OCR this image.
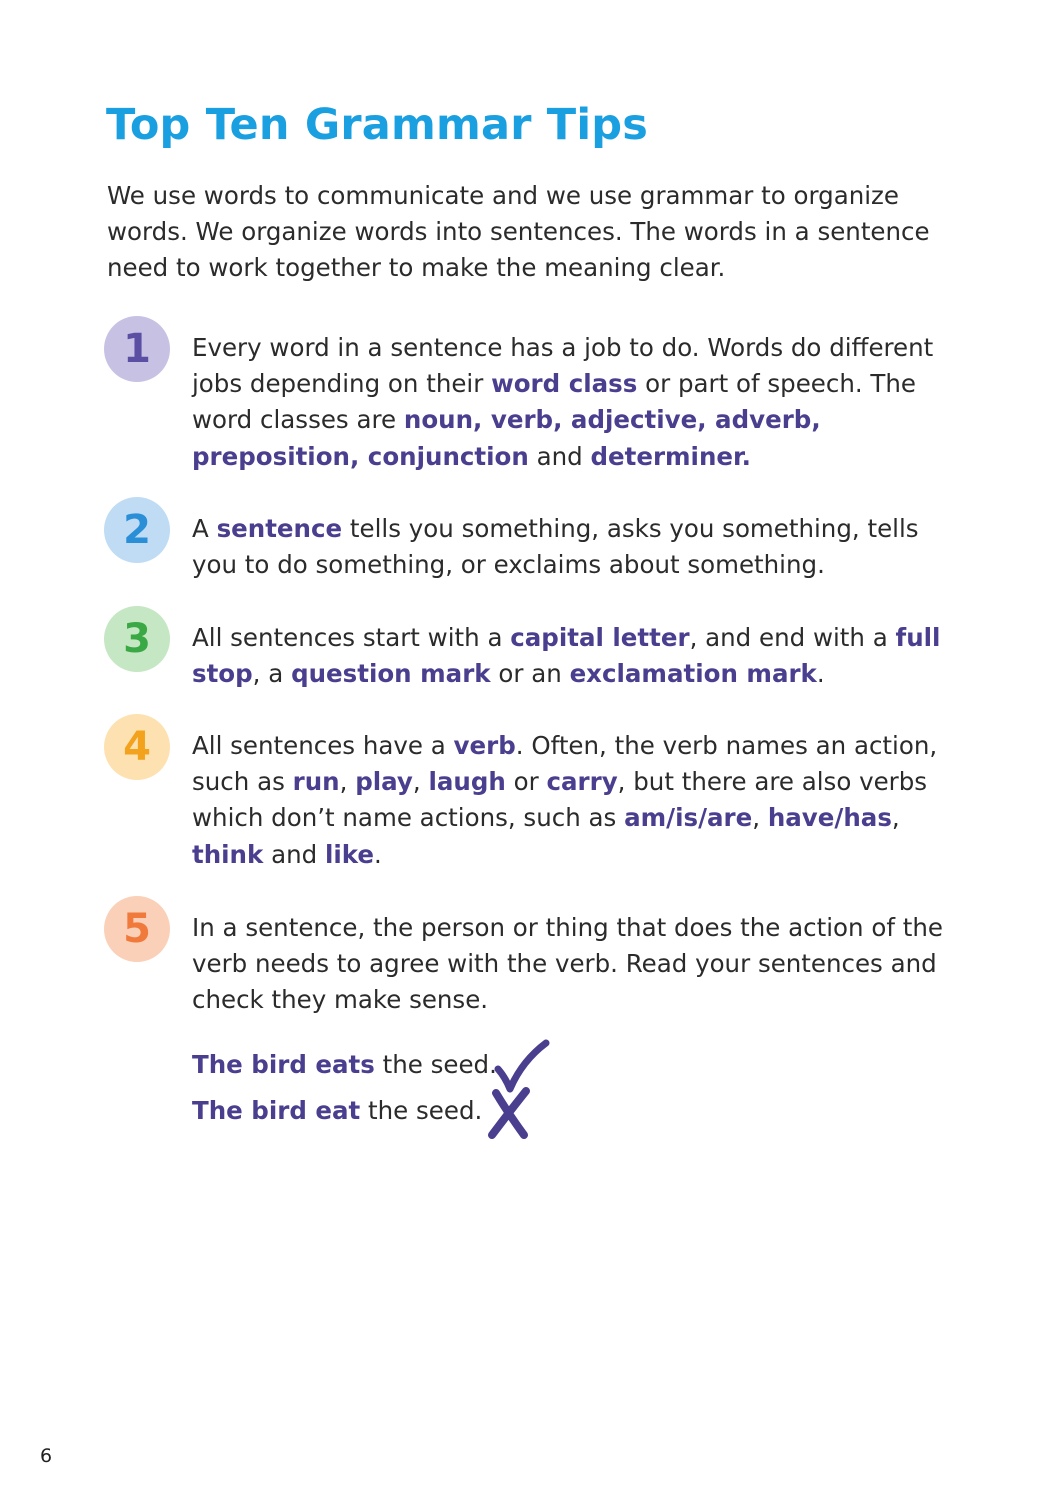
Top Ten Grammar Tips

We use words to communicate and we use grammar to organize words. We organize words into sentences. The words in a sentence need to work together to make the meaning clear.

1 Every word in a sentence has a job to do. Words do different jobs depending on their word class or part of speech. The word classes are noun, verb, adjective, adverb, preposition, conjunction and determiner.

2 A sentence tells you something, asks you something, tells you to do something, or exclaims about something.

3 All sentences start with a capital letter, and end with a full stop, a question mark or an exclamation mark.

4 All sentences have a verb. Often, the verb names an action, such as run, play, laugh or carry, but there are also verbs which don’t name actions, such as am/is/are, have/has, think and like.

5 In a sentence, the person or thing that does the action of the verb needs to agree with the verb. Read your sentences and check they make sense.

The bird eats the seed.
The bird eat the seed.
6
